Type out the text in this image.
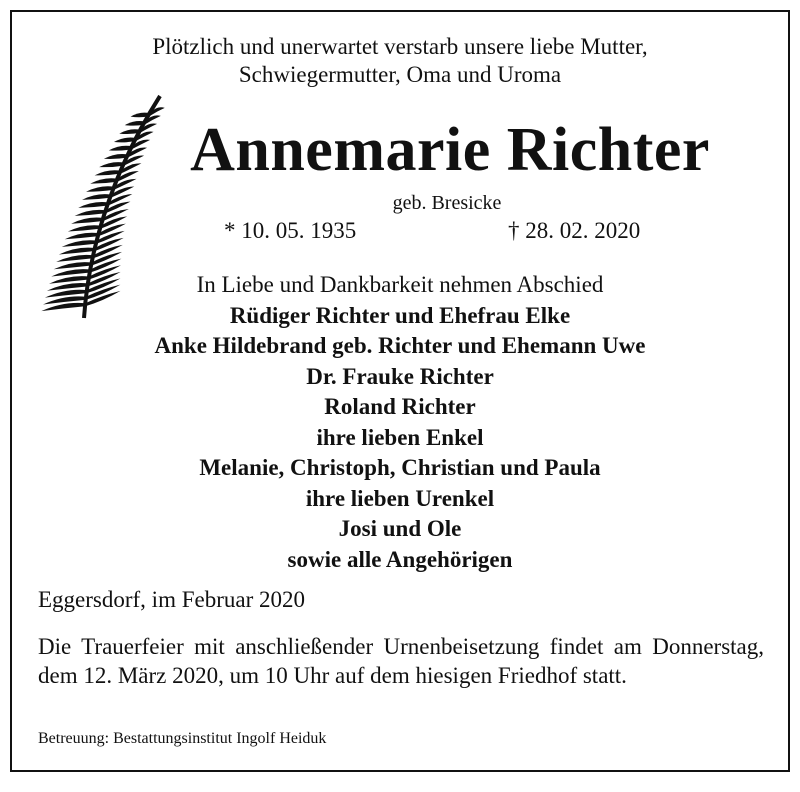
Plötzlich und unerwartet verstarb unsere liebe Mutter,
Schwiegermutter, Oma und Uroma
Annemarie Richter
geb. Bresicke
* 10. 05. 1935	† 28. 02. 2020
In Liebe und Dankbarkeit nehmen Abschied
Rüdiger Richter und Ehefrau Elke
Anke Hildebrand geb. Richter und Ehemann Uwe
Dr. Frauke Richter
Roland Richter
ihre lieben Enkel
Melanie, Christoph, Christian und Paula
ihre lieben Urenkel
Josi und Ole
sowie alle Angehörigen
Eggersdorf, im Februar 2020
Die Trauerfeier mit anschließender Urnenbeisetzung findet am Donnerstag, dem 12. März 2020, um 10 Uhr auf dem hiesigen Friedhof statt.
Betreuung: Bestattungsinstitut Ingolf Heiduk
